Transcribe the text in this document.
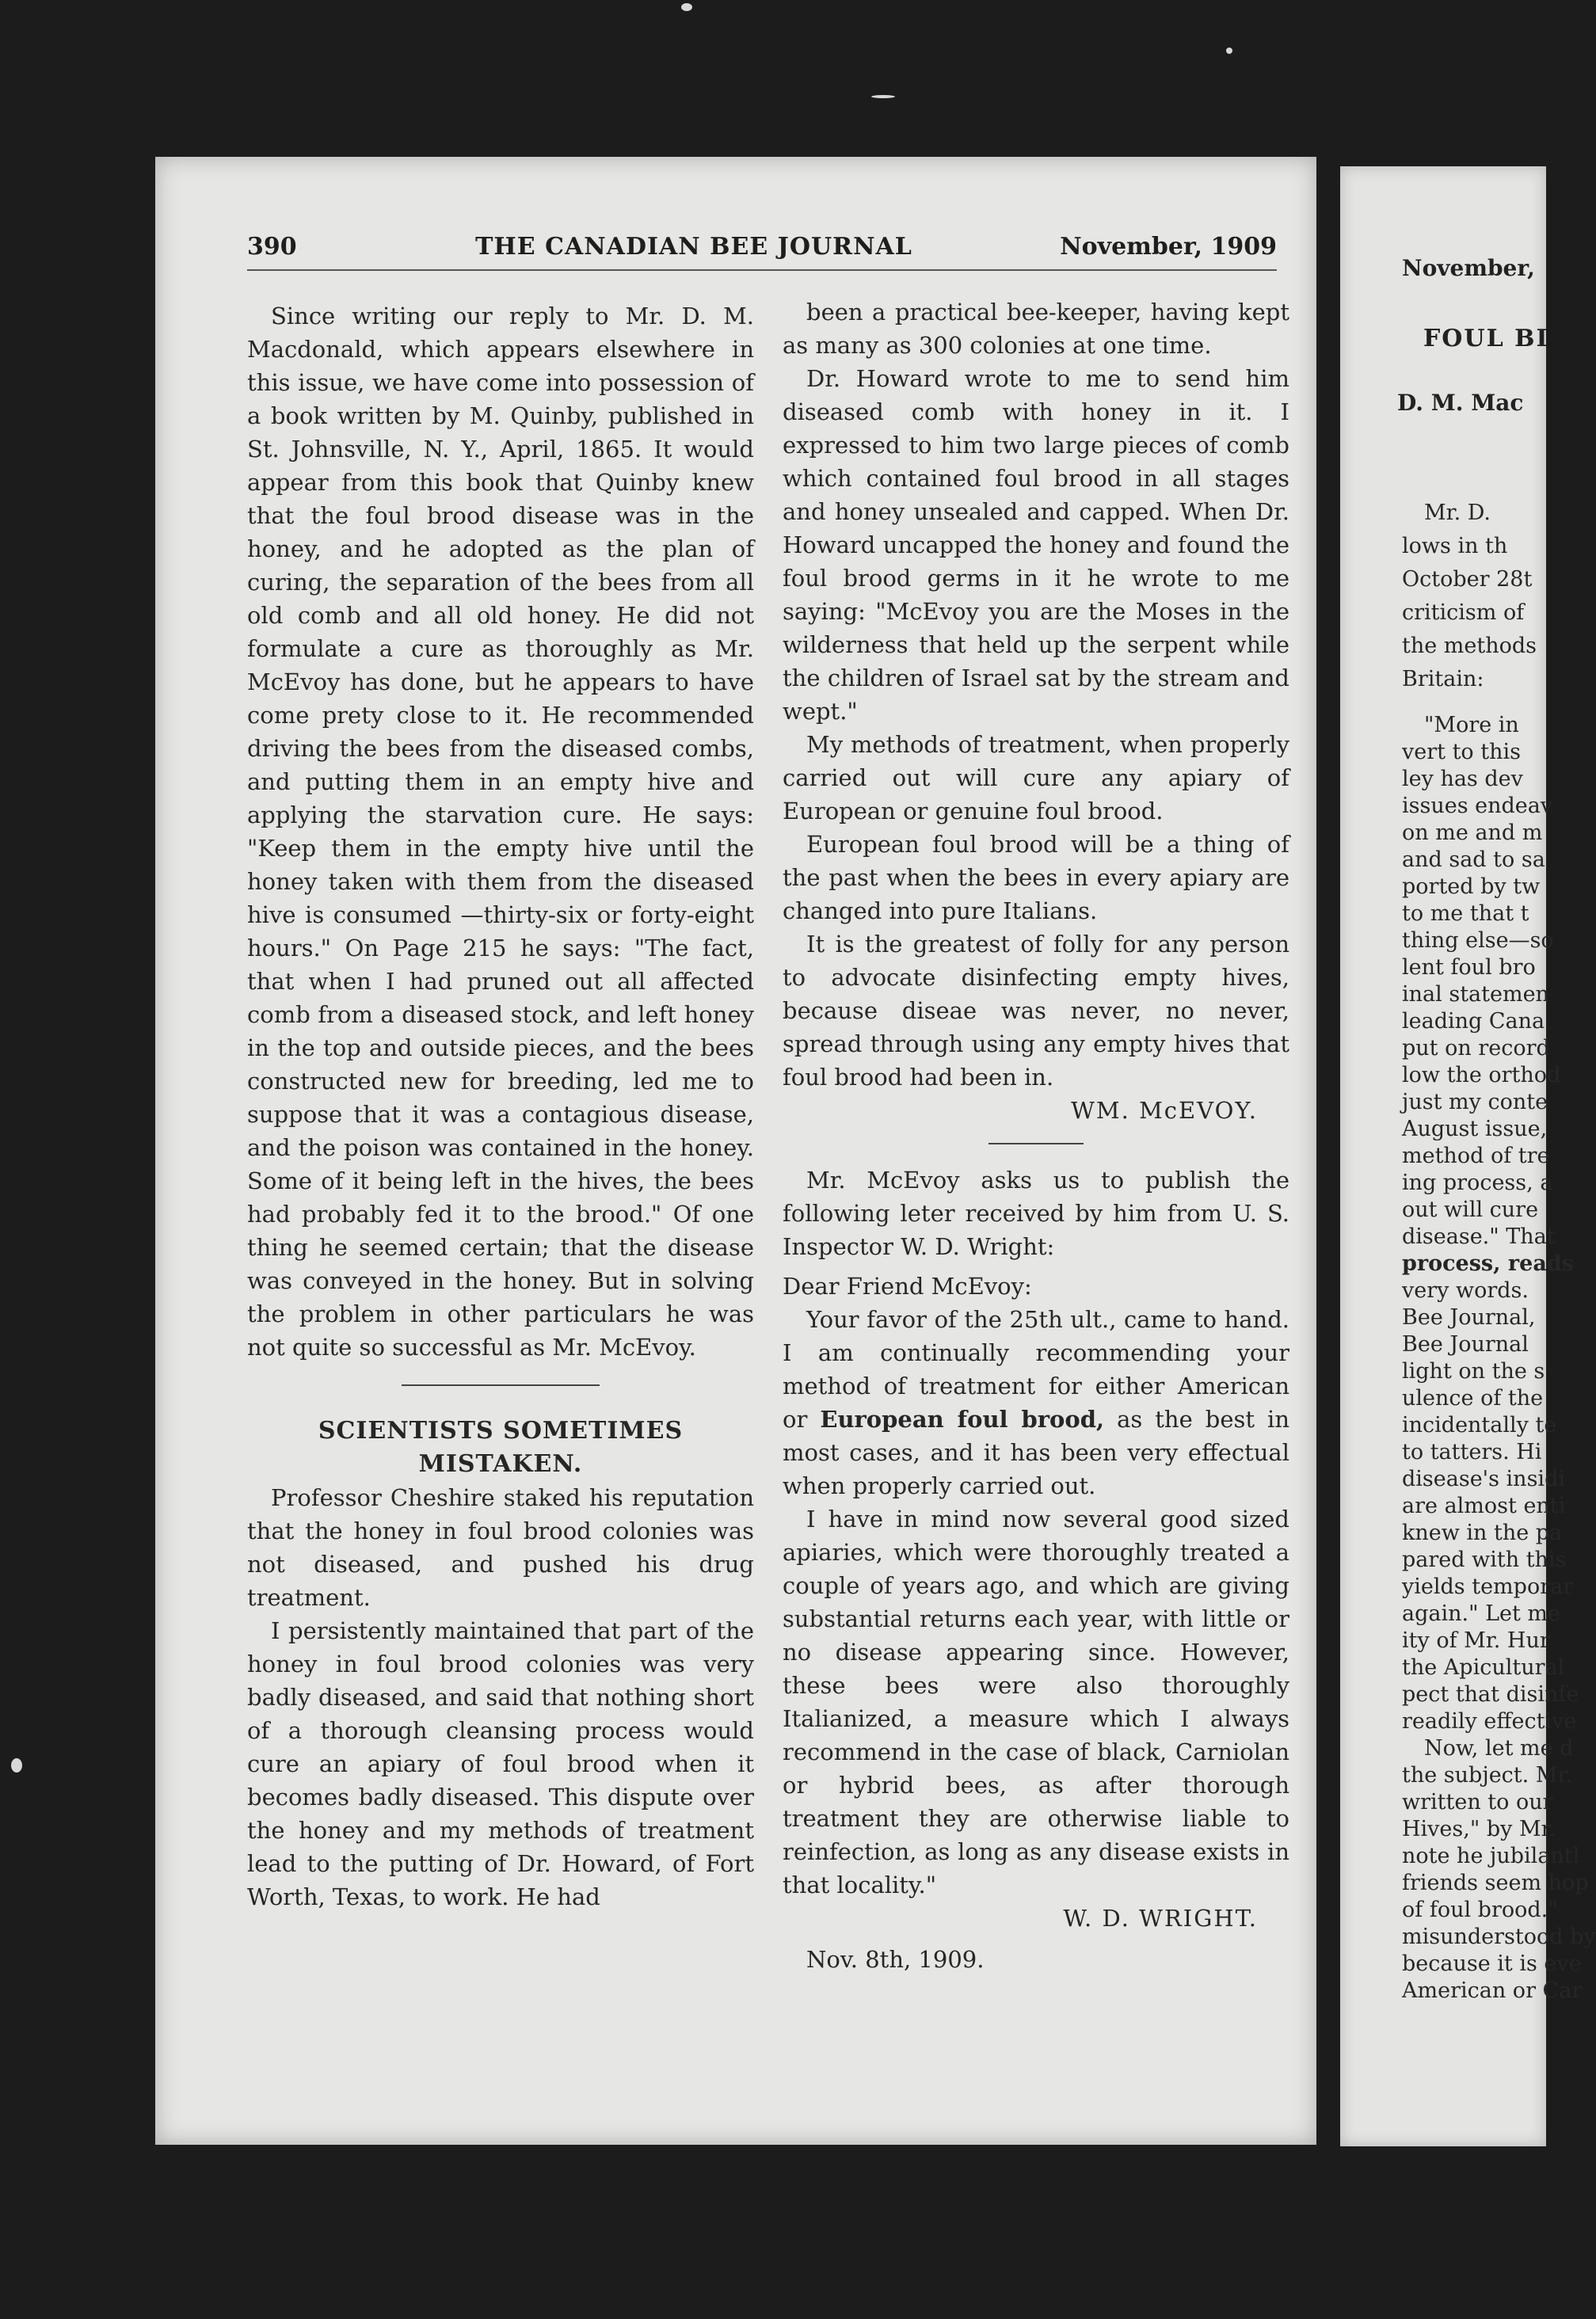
390	THE CANADIAN BEE JOURNAL	November, 1909

Since writing our reply to Mr. D. M. Macdonald, which appears elsewhere in this issue, we have come into possession of a book written by M. Quinby, published in St. Johnsville, N. Y., April, 1865. It would appear from this book that Quinby knew that the foul brood disease was in the honey, and he adopted as the plan of curing, the separation of the bees from all old comb and all old honey. He did not formulate a cure as thoroughly as Mr. McEvoy has done, but he appears to have come prety close to it. He recommended driving the bees from the diseased combs, and putting them in an empty hive and applying the starvation cure. He says: "Keep them in the empty hive until the honey taken with them from the diseased hive is consumed —thirty-six or forty-eight hours." On Page 215 he says: "The fact, that when I had pruned out all affected comb from a diseased stock, and left honey in the top and outside pieces, and the bees constructed new for breeding, led me to suppose that it was a contagious disease, and the poison was contained in the honey. Some of it being left in the hives, the bees had probably fed it to the brood." Of one thing he seemed certain; that the disease was conveyed in the honey. But in solving the problem in other particulars he was not quite so successful as Mr. McEvoy.

SCIENTISTS SOMETIMES MISTAKEN.

Professor Cheshire staked his reputation that the honey in foul brood colonies was not diseased, and pushed his drug treatment.

I persistently maintained that part of the honey in foul brood colonies was very badly diseased, and said that nothing short of a thorough cleansing process would cure an apiary of foul brood when it becomes badly diseased. This dispute over the honey and my methods of treatment lead to the putting of Dr. Howard, of Fort Worth, Texas, to work. He had

been a practical bee-keeper, having kept as many as 300 colonies at one time.

Dr. Howard wrote to me to send him diseased comb with honey in it. I expressed to him two large pieces of comb which contained foul brood in all stages and honey unsealed and capped. When Dr. Howard uncapped the honey and found the foul brood germs in it he wrote to me saying: "McEvoy you are the Moses in the wilderness that held up the serpent while the children of Israel sat by the stream and wept."

My methods of treatment, when properly carried out will cure any apiary of European or genuine foul brood.

European foul brood will be a thing of the past when the bees in every apiary are changed into pure Italians.

It is the greatest of folly for any person to advocate disinfecting empty hives, because diseae was never, no never, spread through using any empty hives that foul brood had been in.

WM. McEVOY.

Mr. McEvoy asks us to publish the following leter received by him from U. S. Inspector W. D. Wright:

Dear Friend McEvoy:

Your favor of the 25th ult., came to hand. I am continually recommending your method of treatment for either American or European foul brood, as the best in most cases, and it has been very effectual when properly carried out.

I have in mind now several good sized apiaries, which were thoroughly treated a couple of years ago, and which are giving substantial returns each year, with little or no disease appearing since. However, these bees were also thoroughly Italianized, a measure which I always recommend in the case of black, Carniolan or hybrid bees, as after thorough treatment they are otherwise liable to reinfection, as long as any disease exists in that locality."

W. D. WRIGHT.

Nov. 8th, 1909.

November,
FOUL BI
D. M. Mac
Mr. D.
lows in th
October 28t
criticism of
the methods
Britain:
"More in
vert to this
ley has dev
issues endeav
on me and m
and sad to sa
ported by tw
to me that t
thing else—so
lent foul bro
inal statemen
leading Cana
put on record
low the orthod
just my conte
August issue,
method of tre
ing process, a
out will cure
disease." That
process, reads
very words.
Bee Journal,
Bee Journal
light on the s
ulence of the
incidentally te
to tatters. Hi
disease's insidi
are almost enti
knew in the pa
pared with this
yields temporar
again." Let me
ity of Mr. Hur
the Apicultural
pect that disinfe
readily effective
Now, let me d
the subject. Mr.
written to our
Hives," by Mr.
note he jubilantl
friends seem hop
of foul brood."
misunderstood by
because it is eve
American or Car
